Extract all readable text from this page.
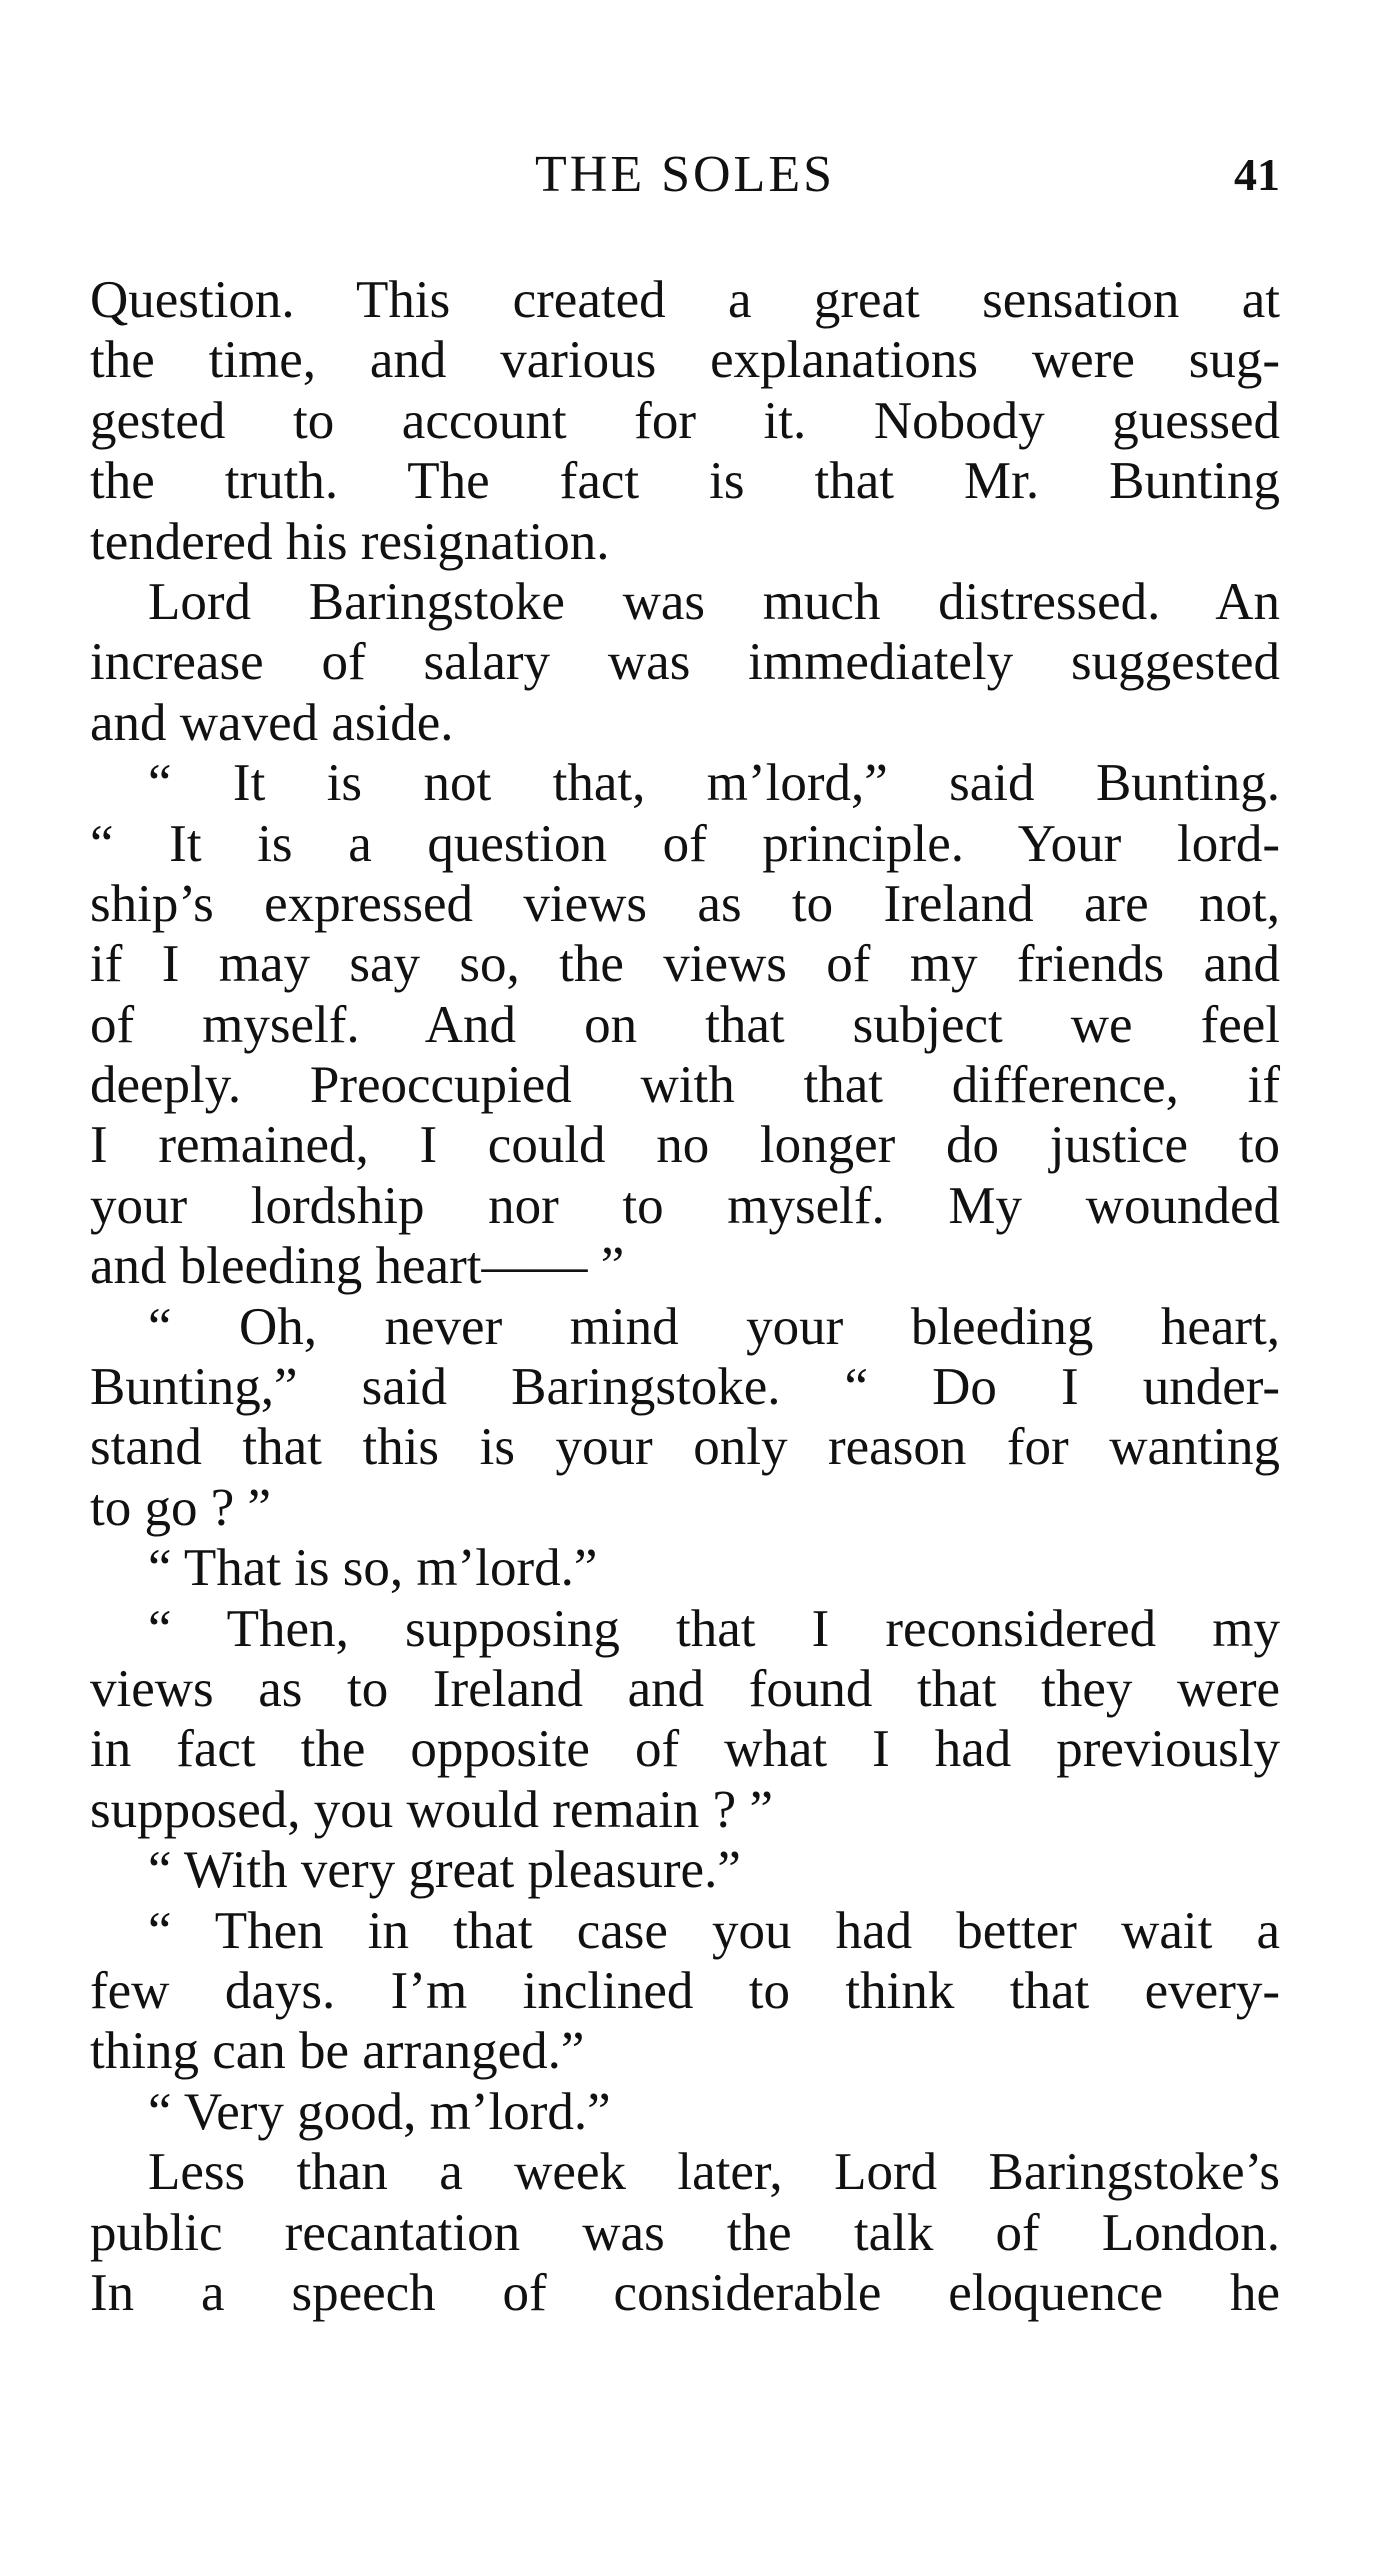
THE SOLES	41
Question. This created a great sensation at
the time, and various explanations were sug-
gested to account for it. Nobody guessed
the truth. The fact is that Mr. Bunting
tendered his resignation.
Lord Baringstoke was much distressed. An
increase of salary was immediately suggested
and waved aside.
“ It is not that, m’lord,” said Bunting.
“ It is a question of principle. Your lord-
ship’s expressed views as to Ireland are not,
if I may say so, the views of my friends and
of myself. And on that subject we feel
deeply. Preoccupied with that difference, if
I remained, I could no longer do justice to
your lordship nor to myself. My wounded
and bleeding heart—— ”
“ Oh, never mind your bleeding heart,
Bunting,” said Baringstoke. “ Do I under-
stand that this is your only reason for wanting
to go ? ”
“ That is so, m’lord.”
“ Then, supposing that I reconsidered my
views as to Ireland and found that they were
in fact the opposite of what I had previously
supposed, you would remain ? ”
“ With very great pleasure.”
“ Then in that case you had better wait a
few days. I’m inclined to think that every-
thing can be arranged.”
“ Very good, m’lord.”
Less than a week later, Lord Baringstoke’s
public recantation was the talk of London.
In a speech of considerable eloquence he
